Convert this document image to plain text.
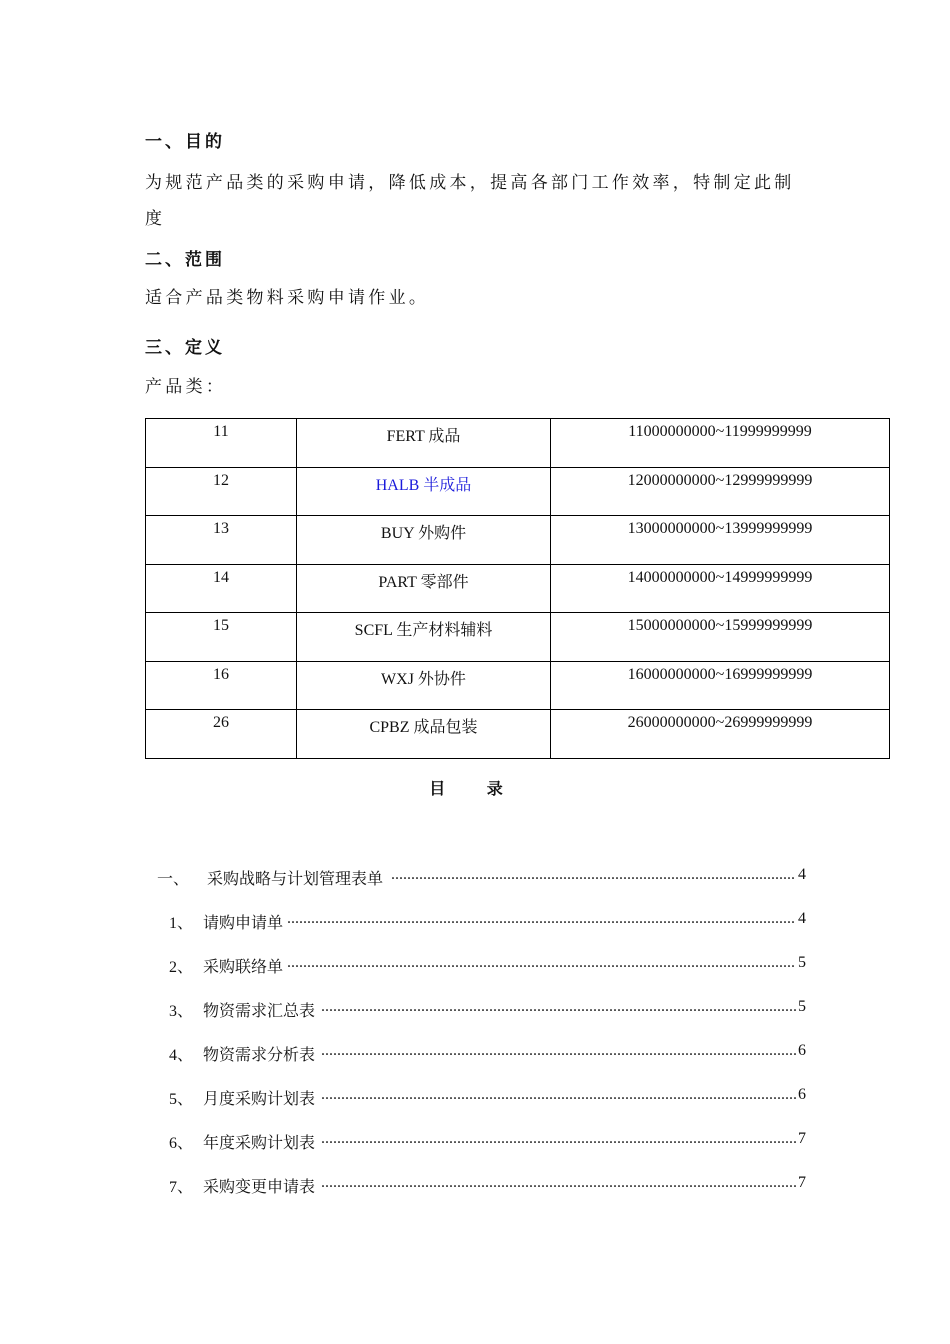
一、目的

为规范产品类的采购申请，降低成本，提高各部门工作效率，特制定此制度

二、范围

适合产品类物料采购申请作业。

三、定义

产品类：

11	FERT 成品	11000000000~11999999999
12	HALB 半成品	12000000000~12999999999
13	BUY 外购件	13000000000~13999999999
14	PART 零部件	14000000000~14999999999
15	SCFL 生产材料辅料	15000000000~15999999999
16	WXJ 外协件	16000000000~16999999999
26	CPBZ 成品包装	26000000000~26999999999
目 录
一、 采购战略与计划管理表单 .....	4
1、 请购申请单 .....	4
2、 采购联络单 .....	5
3、 物资需求汇总表 .....	5
4、 物资需求分析表 .....	6
5、 月度采购计划表 .....	6
6、 年度采购计划表 .....	7
7、 采购变更申请表 .....	7
